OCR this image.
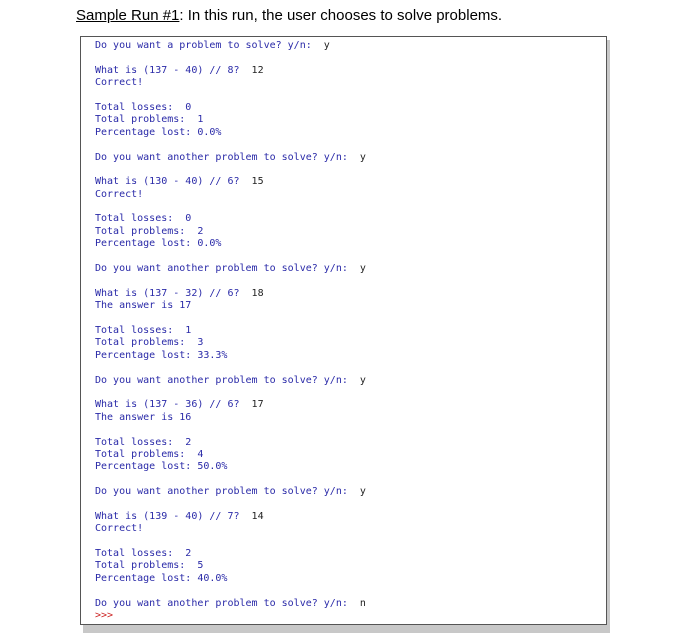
Sample Run #1: In this run, the user chooses to solve problems.
Do you want a problem to solve? y/n:  y
What is (137 - 40) // 8?  12
Correct!
Total losses:  0
Total problems:  1
Percentage lost: 0.0%
Do you want another problem to solve? y/n:  y
What is (130 - 40) // 6?  15
Correct!
Total losses:  0
Total problems:  2
Percentage lost: 0.0%
Do you want another problem to solve? y/n:  y
What is (137 - 32) // 6?  18
The answer is 17
Total losses:  1
Total problems:  3
Percentage lost: 33.3%
Do you want another problem to solve? y/n:  y
What is (137 - 36) // 6?  17
The answer is 16
Total losses:  2
Total problems:  4
Percentage lost: 50.0%
Do you want another problem to solve? y/n:  y
What is (139 - 40) // 7?  14
Correct!
Total losses:  2
Total problems:  5
Percentage lost: 40.0%
Do you want another problem to solve? y/n:  n
>>>
